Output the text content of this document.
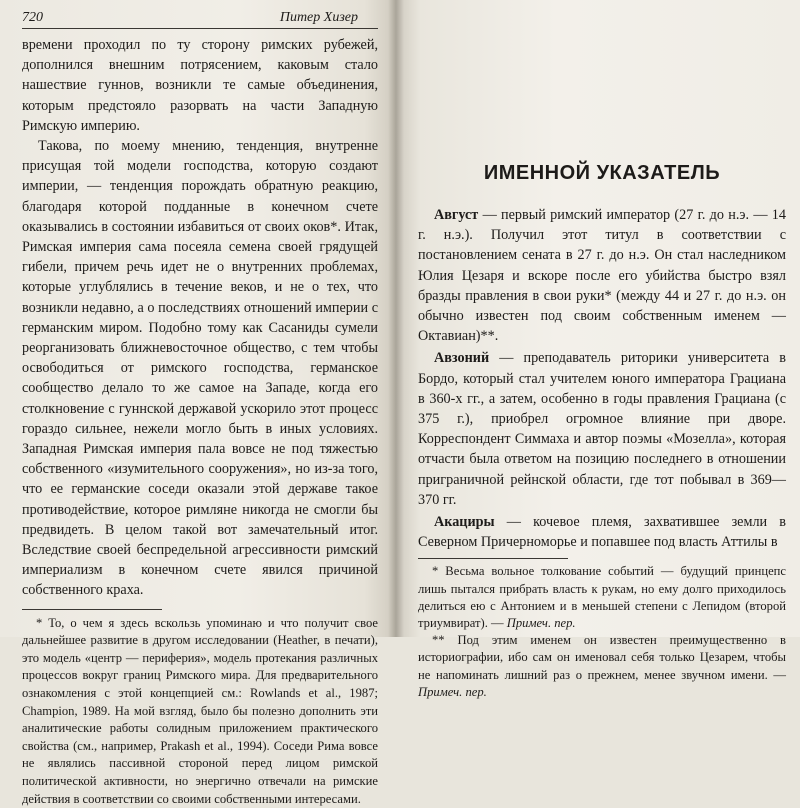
720	Питер Хизер

времени проходил по ту сторону римских рубежей, дополнился внешним потрясением, каковым стало нашествие гуннов, возникли те самые объединения, которым предстояло разорвать на части Западную Римскую империю.

Такова, по моему мнению, тенденция, внутренне присущая той модели господства, которую создают империи, — тенденция порождать обратную реакцию, благодаря которой подданные в конечном счете оказывались в состоянии избавиться от своих оков*. Итак, Римская империя сама посеяла семена своей грядущей гибели, причем речь идет не о внутренних проблемах, которые углублялись в течение веков, и не о тех, что возникли недавно, а о последствиях отношений империи с германским миром. Подобно тому как Сасаниды сумели реорганизовать ближневосточное общество, с тем чтобы освободиться от римского господства, германское сообщество делало то же самое на Западе, когда его столкновение с гуннской державой ускорило этот процесс гораздо сильнее, нежели могло быть в иных условиях. Западная Римская империя пала вовсе не под тяжестью собственного «изумительного сооружения», но из-за того, что ее германские соседи оказали этой державе такое противодействие, которое римляне никогда не смогли бы предвидеть. В целом такой вот замечательный итог. Вследствие своей беспредельной агрессивности римский империализм в конечном счете явился причиной собственного краха.

* То, о чем я здесь вскользь упоминаю и что получит свое дальнейшее развитие в другом исследовании (Heather, в печати), это модель «центр — периферия», модель протекания различных процессов вокруг границ Римского мира. Для предварительного ознакомления с этой концепцией см.: Rowlands et al., 1987; Champion, 1989. На мой взгляд, было бы полезно дополнить эти аналитические работы солидным приложением практического свойства (см., например, Prakash et al., 1994). Соседи Рима вовсе не являлись пассивной стороной перед лицом римской политической активности, но энергично отвечали на римские действия в соответствии со своими собственными интересами.

ИМЕННОЙ УКАЗАТЕЛЬ

Август — первый римский император (27 г. до н.э. — 14 г. н.э.). Получил этот титул в соответствии с постановлением сената в 27 г. до н.э. Он стал наследником Юлия Цезаря и вскоре после его убийства быстро взял бразды правления в свои руки* (между 44 и 27 г. до н.э. он обычно известен под своим собственным именем — Октавиан)**.

Авзоний — преподаватель риторики университета в Бордо, который стал учителем юного императора Грациана в 360-х гг., а затем, особенно в годы правления Грациана (с 375 г.), приобрел огромное влияние при дворе. Корреспондент Симмаха и автор поэмы «Мозелла», которая отчасти была ответом на позицию последнего в отношении приграничной рейнской области, где тот побывал в 369—370 гг.

Акациры — кочевое племя, захватившее земли в Северном Причерноморье и попавшее под власть Аттилы в

* Весьма вольное толкование событий — будущий принцепс лишь пытался прибрать власть к рукам, но ему долго приходилось делиться ею с Антонием и в меньшей степени с Лепидом (второй триумвират). — Примеч. пер.

** Под этим именем он известен преимущественно в историографии, ибо сам он именовал себя только Цезарем, чтобы не напоминать лишний раз о прежнем, менее звучном имени. — Примеч. пер.
